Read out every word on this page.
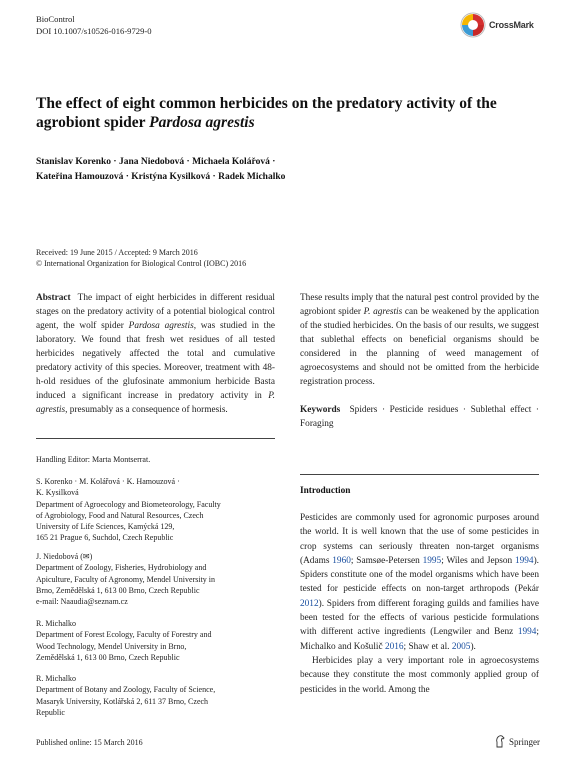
BioControl
DOI 10.1007/s10526-016-9729-0
CrossMark
The effect of eight common herbicides on the predatory activity of the agrobiont spider Pardosa agrestis
Stanislav Korenko · Jana Niedobová · Michaela Kolářová ·
Kateřina Hamouzová · Kristýna Kysilková · Radek Michalko
Received: 19 June 2015 / Accepted: 9 March 2016
© International Organization for Biological Control (IOBC) 2016
Abstract The impact of eight herbicides in different residual stages on the predatory activity of a potential biological control agent, the wolf spider Pardosa agrestis, was studied in the laboratory. We found that fresh wet residues of all tested herbicides negatively affected the total and cumulative predatory activity of this species. Moreover, treatment with 48-h-old residues of the glufosinate ammonium herbicide Basta induced a significant increase in predatory activity in P. agrestis, presumably as a consequence of hormesis.
These results imply that the natural pest control provided by the agrobiont spider P. agrestis can be weakened by the application of the studied herbicides. On the basis of our results, we suggest that sublethal effects on beneficial organisms should be considered in the planning of weed management of agroecosystems and should not be omitted from the herbicide registration process.
Keywords Spiders · Pesticide residues · Sublethal effect · Foraging
Handling Editor: Marta Montserrat.
S. Korenko · M. Kolářová · K. Hamouzová ·
K. Kysilková
Department of Agroecology and Biometeorology, Faculty
of Agrobiology, Food and Natural Resources, Czech
University of Life Sciences, Kamýcká 129,
165 21 Prague 6, Suchdol, Czech Republic
J. Niedobová (✉)
Department of Zoology, Fisheries, Hydrobiology and
Apiculture, Faculty of Agronomy, Mendel University in
Brno, Zemědělská 1, 613 00 Brno, Czech Republic
e-mail: Naaudia@seznam.cz
R. Michalko
Department of Forest Ecology, Faculty of Forestry and
Wood Technology, Mendel University in Brno,
Zemědělská 1, 613 00 Brno, Czech Republic
R. Michalko
Department of Botany and Zoology, Faculty of Science,
Masaryk University, Kotlářská 2, 611 37 Brno, Czech
Republic
Introduction

Pesticides are commonly used for agronomic purposes around the world. It is well known that the use of some pesticides in crop systems can seriously threaten non-target organisms (Adams 1960; Samsøe-Petersen 1995; Wiles and Jepson 1994). Spiders constitute one of the model organisms which have been tested for pesticide effects on non-target arthropods (Pekár 2012). Spiders from different foraging guilds and families have been tested for the effects of various pesticide formulations with different active ingredients (Lengwiler and Benz 1994; Michalko and Košulič 2016; Shaw et al. 2005).

Herbicides play a very important role in agroecosystems because they constitute the most commonly applied group of pesticides in the world. Among the

Published online: 15 March 2016	Springer
